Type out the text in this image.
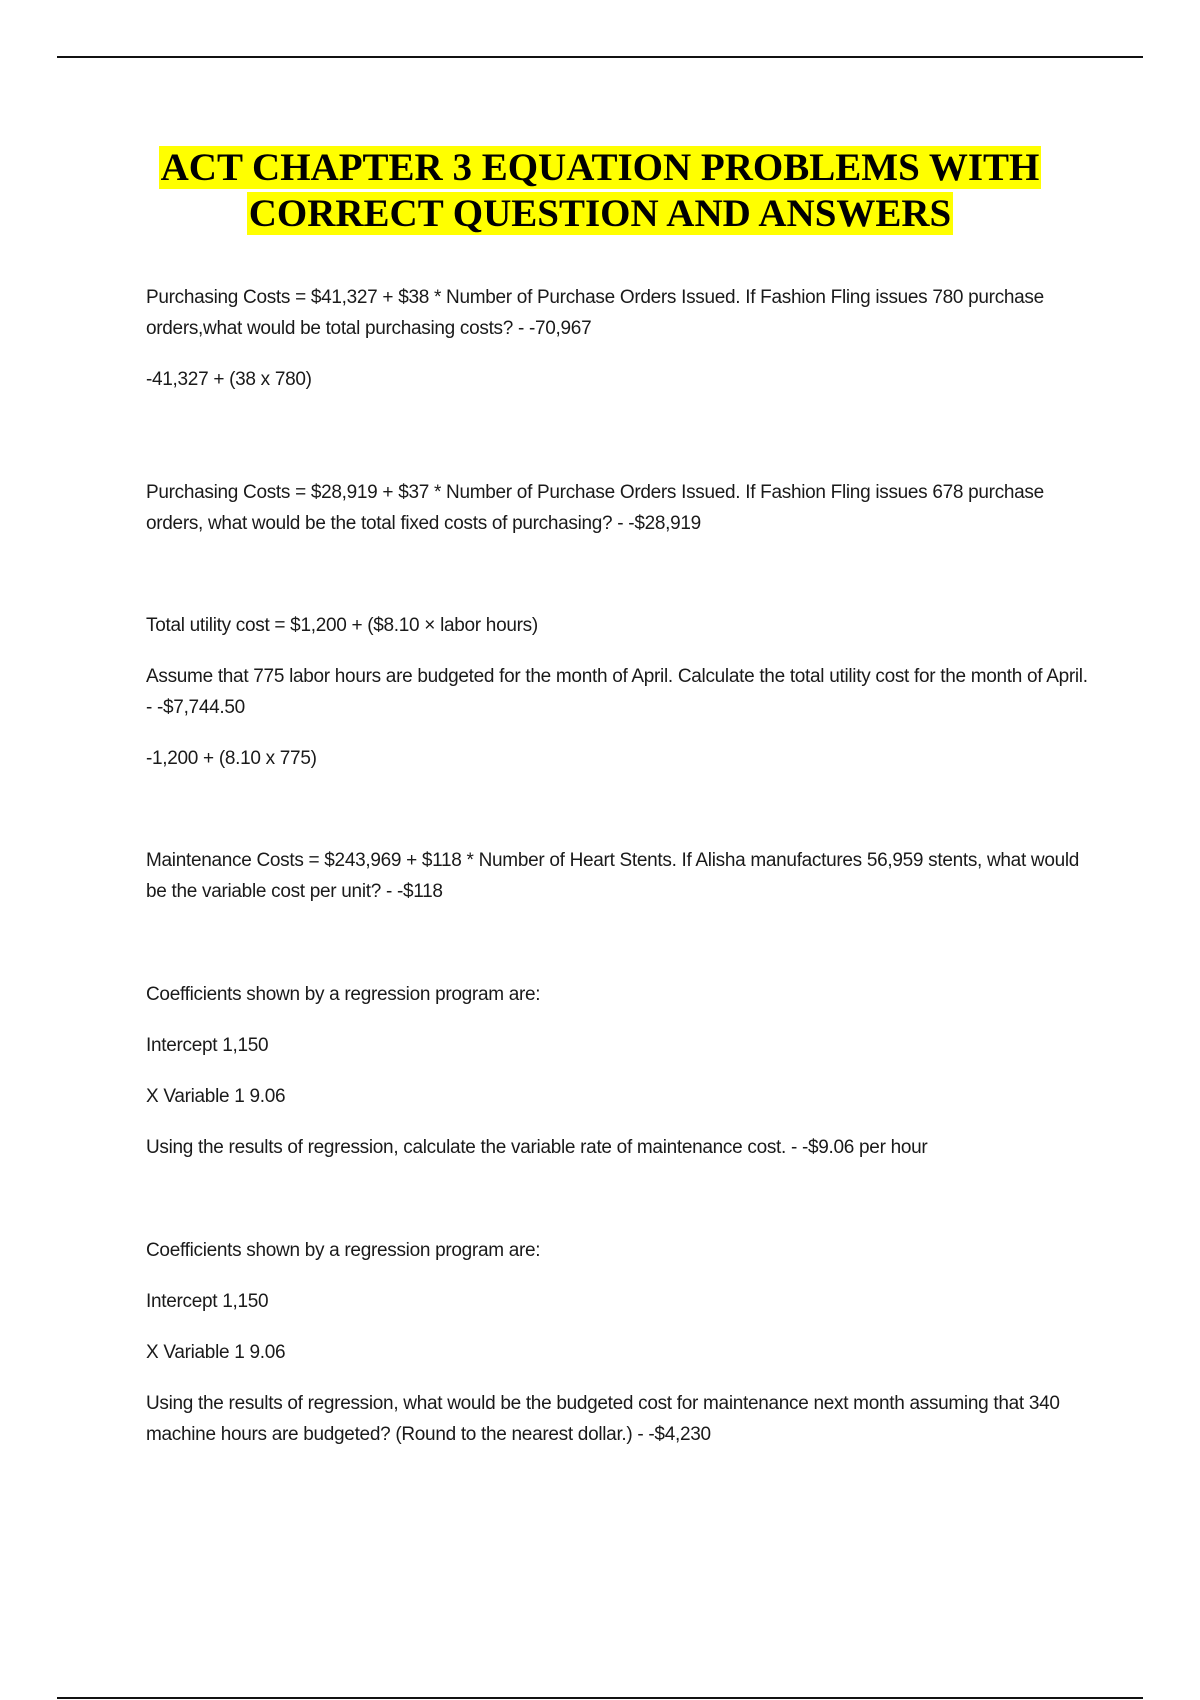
ACT CHAPTER 3 EQUATION PROBLEMS WITH
CORRECT QUESTION AND ANSWERS

Purchasing Costs = $41,327 + $38 * Number of Purchase Orders Issued. If Fashion Fling issues 780 purchase orders,what would be total purchasing costs? - -70,967

-41,327 + (38 x 780)

Purchasing Costs = $28,919 + $37 * Number of Purchase Orders Issued. If Fashion Fling issues 678 purchase orders, what would be the total fixed costs of purchasing? - -$28,919

Total utility cost = $1,200 + ($8.10 × labor hours)

Assume that 775 labor hours are budgeted for the month of April. Calculate the total utility cost for the month of April. - -$7,744.50

-1,200 + (8.10 x 775)

Maintenance Costs = $243,969 + $118 * Number of Heart Stents. If Alisha manufactures 56,959 stents, what would be the variable cost per unit? - -$118

Coefficients shown by a regression program are:

Intercept 1,150

X Variable 1 9.06

Using the results of regression, calculate the variable rate of maintenance cost. - -$9.06 per hour

Coefficients shown by a regression program are:

Intercept 1,150

X Variable 1 9.06

Using the results of regression, what would be the budgeted cost for maintenance next month assuming that 340 machine hours are budgeted? (Round to the nearest dollar.) - -$4,230
